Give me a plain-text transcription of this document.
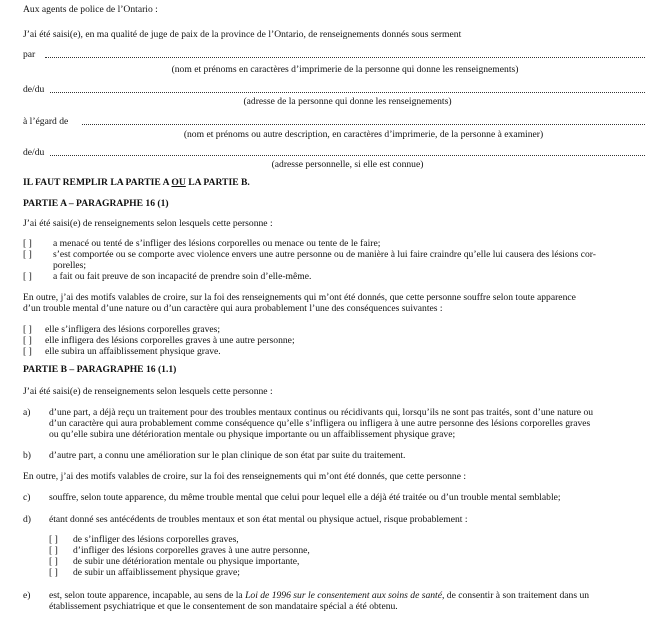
Aux agents de police de l’Ontario :
J’ai été saisi(e), en ma qualité de juge de paix de la province de l’Ontario, de renseignements donnés sous serment
par
(nom et prénoms en caractères d’imprimerie de la personne qui donne les renseignements)
de/du
(adresse de la personne qui donne les renseignements)
à l’égard de
(nom et prénoms ou autre description, en caractères d’imprimerie, de la personne à examiner)
de/du
(adresse personnelle, si elle est connue)
IL FAUT REMPLIR LA PARTIE A OU LA PARTIE B.
PARTIE A – PARAGRAPHE 16 (1)
J’ai été saisi(e) de renseignements selon lesquels cette personne :
[ ] a menacé ou tenté de s’infliger des lésions corporelles ou menace ou tente de le faire;
[ ] s’est comportée ou se comporte avec violence envers une autre personne ou de manière à lui faire craindre qu’elle lui causera des lésions cor-
porelles;
[ ] a fait ou fait preuve de son incapacité de prendre soin d’elle-même.
En outre, j’ai des motifs valables de croire, sur la foi des renseignements qui m’ont été donnés, que cette personne souffre selon toute apparence
d’un trouble mental d’une nature ou d’un caractère qui aura probablement l’une des conséquences suivantes :
[ ] elle s’infligera des lésions corporelles graves;
[ ] elle infligera des lésions corporelles graves à une autre personne;
[ ] elle subira un affaiblissement physique grave.
PARTIE B – PARAGRAPHE 16 (1.1)
J’ai été saisi(e) de renseignements selon lesquels cette personne :
a) d’une part, a déjà reçu un traitement pour des troubles mentaux continus ou récidivants qui, lorsqu’ils ne sont pas traités, sont d’une nature ou
d’un caractère qui aura probablement comme conséquence qu’elle s’infligera ou infligera à une autre personne des lésions corporelles graves
ou qu’elle subira une détérioration mentale ou physique importante ou un affaiblissement physique grave;
b) d’autre part, a connu une amélioration sur le plan clinique de son état par suite du traitement.
En outre, j’ai des motifs valables de croire, sur la foi des renseignements qui m’ont été donnés, que cette personne :
c) souffre, selon toute apparence, du même trouble mental que celui pour lequel elle a déjà été traitée ou d’un trouble mental semblable;
d) étant donné ses antécédents de troubles mentaux et son état mental ou physique actuel, risque probablement :
[ ] de s’infliger des lésions corporelles graves,
[ ] d’infliger des lésions corporelles graves à une autre personne,
[ ] de subir une détérioration mentale ou physique importante,
[ ] de subir un affaiblissement physique grave;
e) est, selon toute apparence, incapable, au sens de la Loi de 1996 sur le consentement aux soins de santé, de consentir à son traitement dans un
établissement psychiatrique et que le consentement de son mandataire spécial a été obtenu.
